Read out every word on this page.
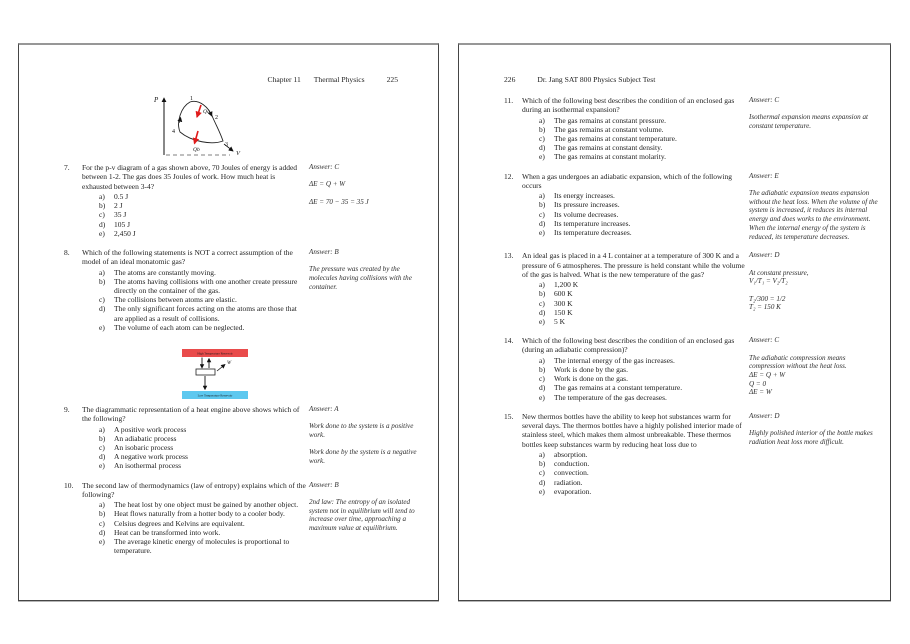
Chapter 11 Thermal Physics	225
P
V
1
2
3
4
Qa
Qb
7.	For the p-v diagram of a gas shown above, 70 Joules of energy is added between 1-2. The gas does 35 Joules of work. How much heat is exhausted between 3-4?
a)	0.5 J
b)	2 J
c)	35 J
d)	105 J
e)	2,450 J

Answer: C

ΔE = Q + W

ΔE = 70 − 35 = 35 J

8.	Which of the following statements is NOT a correct assumption of the model of an ideal monatomic gas?
a)	The atoms are constantly moving.
b)	The atoms having collisions with one another create pressure directly on the container of the gas.
c)	The collisions between atoms are elastic.
d)	The only significant forces acting on the atoms are those that are applied as a result of collisions.
e)	The volume of each atom can be neglected.

Answer: B

The pressure was created by the molecules having collisions with the container.

High Temperature Reservoir
Low Temperature Reservoir
W
9.	The diagrammatic representation of a heat engine above shows which of the following?
a)	A positive work process
b)	An adiabatic process
c)	An isobaric process
d)	A negative work process
e)	An isothermal process

Answer: A

Work done to the system is a positive work.

Work done by the system is a negative work.

10.	The second law of thermodynamics (law of entropy) explains which of the following?
a)	The heat lost by one object must be gained by another object.
b)	Heat flows naturally from a hotter body to a cooler body.
c)	Celsius degrees and Kelvins are equivalent.
d)	Heat can be transformed into work.
e)	The average kinetic energy of molecules is proportional to temperature.

Answer: B

2nd law: The entropy of an isolated system not in equilibrium will tend to increase over time, approaching a maximum value at equilibrium.

226	Dr. Jang SAT 800 Physics Subject Test
11.	Which of the following best describes the condition of an enclosed gas during an isothermal expansion?
a)	The gas remains at constant pressure.
b)	The gas remains at constant volume.
c)	The gas remains at constant temperature.
d)	The gas remains at constant density.
e)	The gas remains at constant molarity.

Answer: C

Isothermal expansion means expansion at constant temperature.

12.	When a gas undergoes an adiabatic expansion, which of the following occurs
a)	Its energy increases.
b)	Its pressure increases.
c)	Its volume decreases.
d)	Its temperature increases.
e)	Its temperature decreases.

Answer: E

The adiabatic expansion means expansion without the heat loss. When the volume of the system is increased, it reduces its internal energy and does works to the environment.

When the internal energy of the system is reduced, its temperature decreases.

13.	An ideal gas is placed in a 4 L container at a temperature of 300 K and a pressure of 6 atmospheres. The pressure is held constant while the volume of the gas is halved. What is the new temperature of the gas?
a)	1,200 K
b)	600 K
c)	300 K
d)	150 K
e)	5 K

Answer: D

At constant pressure,

V₁/T₁ = V₂/T₂

T₂/300 = 1/2

T₂ = 150 K

14.	Which of the following best describes the condition of an enclosed gas (during an adiabatic compression)?
a)	The internal energy of the gas increases.
b)	Work is done by the gas.
c)	Work is done on the gas.
d)	The gas remains at a constant temperature.
e)	The temperature of the gas decreases.

Answer: C

The adiabatic compression means compression without the heat loss.

ΔE = Q + W

Q = 0

ΔE = W

15.	New thermos bottles have the ability to keep hot substances warm for several days. The thermos bottles have a highly polished interior made of stainless steel, which makes them almost unbreakable. These thermos bottles keep substances warm by reducing heat loss due to
a)	absorption.
b)	conduction.
c)	convection.
d)	radiation.
e)	evaporation.

Answer: D

Highly polished interior of the bottle makes radiation heat loss more difficult.
